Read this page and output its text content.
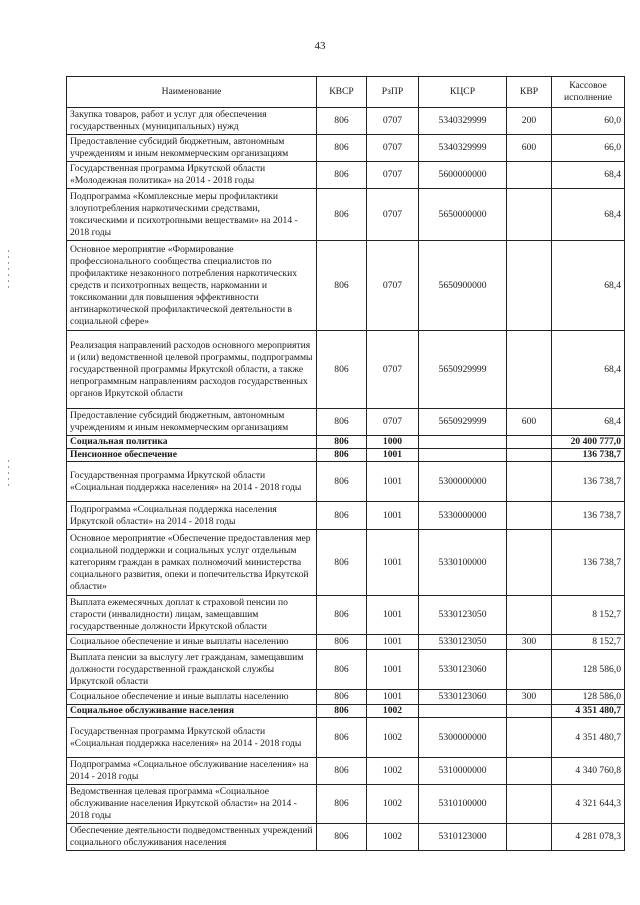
43
Наименование	КВСР	РзПР	КЦСР	КВР	Кассовое исполнение
Закупка товаров, работ и услуг для обеспечения государственных (муниципальных) нужд	806	0707	5340329999	200	60,0
Предоставление субсидий бюджетным, автономным учреждениям и иным некоммерческим организациям	806	0707	5340329999	600	66,0
Государственная программа Иркутской области «Молодежная политика» на 2014 - 2018 годы	806	0707	5600000000		68,4
Подпрограмма «Комплексные меры профилактики злоупотребления наркотическими средствами, токсическими и психотропными веществами» на 2014 - 2018 годы	806	0707	5650000000		68,4
Основное мероприятие «Формирование профессионального сообщества специалистов по профилактике незаконного потребления наркотических средств и психотропных веществ, наркомании и токсикомании для повышения эффективности антинаркотической профилактической деятельности в социальной сфере»	806	0707	5650900000		68,4
Реализация направлений расходов основного мероприятия и (или) ведомственной целевой программы, подпрограммы государственной программы Иркутской области, а также непрограммным направлениям расходов государственных органов Иркутской области	806	0707	5650929999		68,4
Предоставление субсидий бюджетным, автономным учреждениям и иным некоммерческим организациям	806	0707	5650929999	600	68,4
Социальная политика	806	1000			20 400 777,0
Пенсионное обеспечение	806	1001			136 738,7
Государственная программа Иркутской области «Социальная поддержка населения» на 2014 - 2018 годы	806	1001	5300000000		136 738,7
Подпрограмма «Социальная поддержка населения Иркутской области» на 2014 - 2018 годы	806	1001	5330000000		136 738,7
Основное мероприятие «Обеспечение предоставления мер социальной поддержки и социальных услуг отдельным категориям граждан в рамках полномочий министерства социального развития, опеки и попечительства Иркутской области»	806	1001	5330100000		136 738,7
Выплата ежемесячных доплат к страховой пенсии по старости (инвалидности) лицам, замещавшим государственные должности Иркутской области	806	1001	5330123050		8 152,7
Социальное обеспечение и иные выплаты населению	806	1001	5330123050	300	8 152,7
Выплата пенсии за выслугу лет гражданам, замещавшим должности государственной гражданской службы Иркутской области	806	1001	5330123060		128 586,0
Социальное обеспечение и иные выплаты населению	806	1001	5330123060	300	128 586,0
Социальное обслуживание населения	806	1002			4 351 480,7
Государственная программа Иркутской области «Социальная поддержка населения» на 2014 - 2018 годы	806	1002	5300000000		4 351 480,7
Подпрограмма «Социальное обслуживание населения» на 2014 - 2018 годы	806	1002	5310000000		4 340 760,8
Ведомственная целевая программа «Социальное обслуживание населения Иркутской области» на 2014 - 2018 годы	806	1002	5310100000		4 321 644,3
Обеспечение деятельности подведомственных учреждений социального обслуживания населения	806	1002	5310123000		4 281 078,3
